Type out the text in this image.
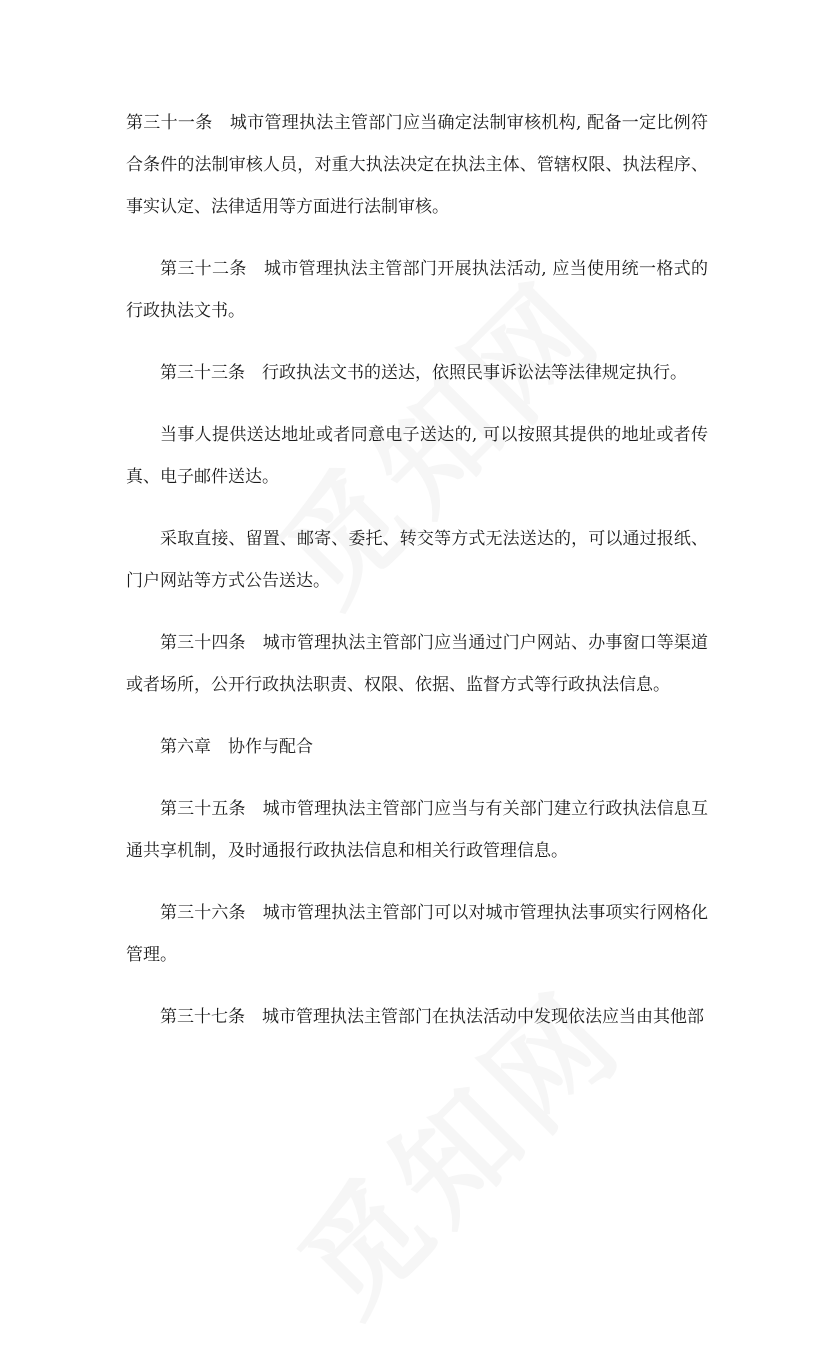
第三十一条　城市管理执法主管部门应当确定法制审核机构, 配备一定比例符合条件的法制审核人员，对重大执法决定在执法主体、管辖权限、执法程序、事实认定、法律适用等方面进行法制审核。

第三十二条　城市管理执法主管部门开展执法活动, 应当使用统一格式的行政执法文书。

第三十三条　行政执法文书的送达，依照民事诉讼法等法律规定执行。

当事人提供送达地址或者同意电子送达的, 可以按照其提供的地址或者传真、电子邮件送达。

采取直接、留置、邮寄、委托、转交等方式无法送达的，可以通过报纸、门户网站等方式公告送达。

第三十四条　城市管理执法主管部门应当通过门户网站、办事窗口等渠道或者场所，公开行政执法职责、权限、依据、监督方式等行政执法信息。

第六章　协作与配合

第三十五条　城市管理执法主管部门应当与有关部门建立行政执法信息互通共享机制，及时通报行政执法信息和相关行政管理信息。

第三十六条　城市管理执法主管部门可以对城市管理执法事项实行网格化管理。

第三十七条　城市管理执法主管部门在执法活动中发现依法应当由其他部
